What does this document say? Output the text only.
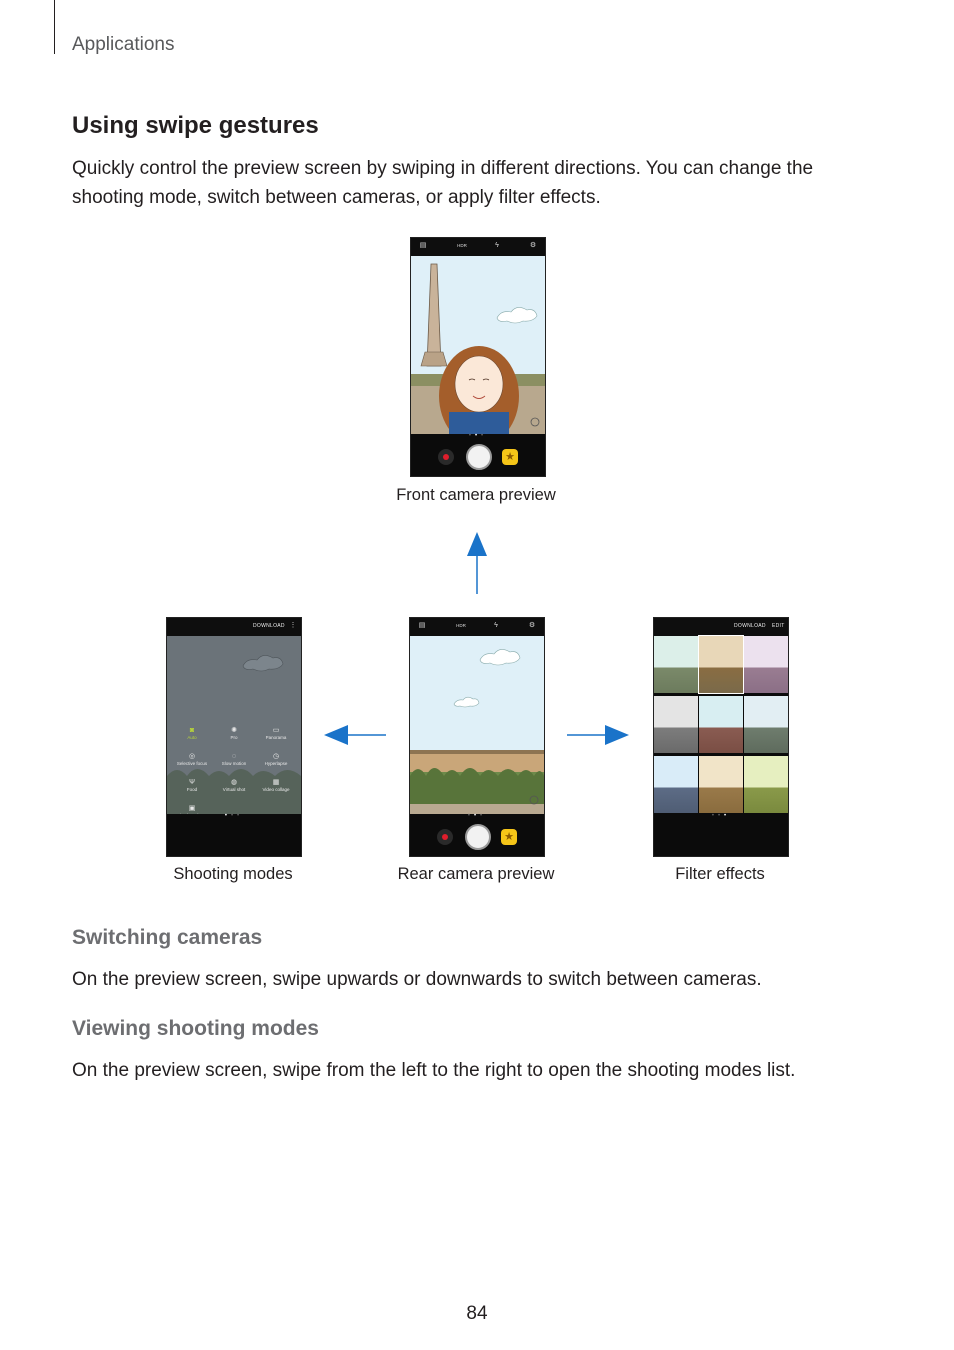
Applications
Using swipe gestures

Quickly control the preview screen by swiping in different directions. You can change the

shooting mode, switch between cameras, or apply filter effects.

▤	HDR	ϟ	⚙
•••
★
Front camera preview
DOWNLOAD ⋮
◙
Auto
✺
Pro
▭
Panorama
◎
Selective focus
◌
Slow motion
◷
Hyperlapse
Ψ
Food
◍
Virtual shot
▦
Video collage
▣
•••
Shooting modes
▤	HDR	ϟ	⚙
•••
★
Rear camera preview
DOWNLOAD EDIT
•••
Filter effects
Switching cameras

On the preview screen, swipe upwards or downwards to switch between cameras.

Viewing shooting modes

On the preview screen, swipe from the left to the right to open the shooting modes list.

84
